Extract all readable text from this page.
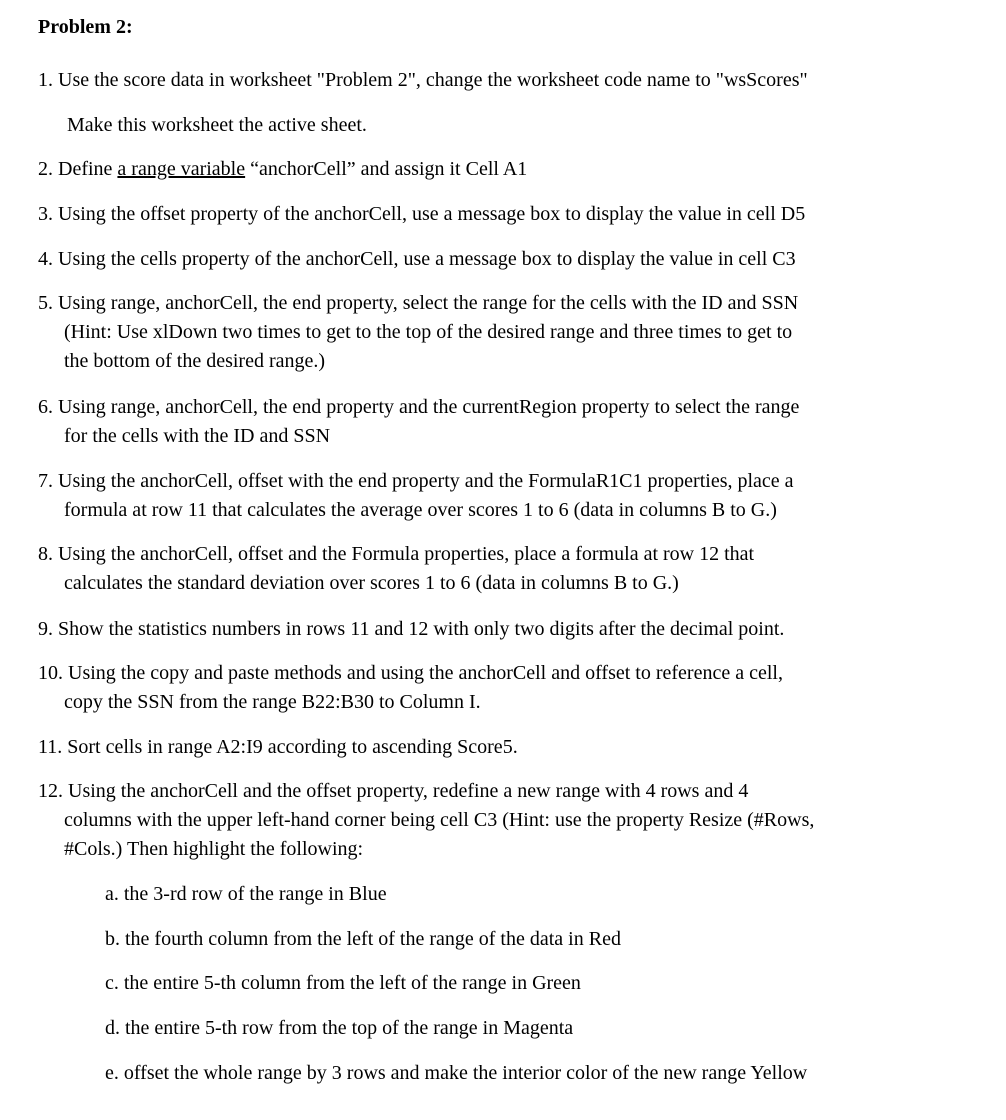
Problem 2:
1. Use the score data in worksheet "Problem 2", change the worksheet code name to "wsScores"
Make this worksheet the active sheet.
2. Define a range variable “anchorCell” and assign it Cell A1
3. Using the offset property of the anchorCell, use a message box to display the value in cell D5
4. Using the cells property of the anchorCell, use a message box to display the value in cell C3
5. Using range, anchorCell, the end property, select the range for the cells with the ID and SSN
(Hint: Use xlDown two times to get to the top of the desired range and three times to get to
the bottom of the desired range.)
6. Using range, anchorCell, the end property and the currentRegion property to select the range
for the cells with the ID and SSN
7. Using the anchorCell, offset with the end property and the FormulaR1C1 properties, place a
formula at row 11 that calculates the average over scores 1 to 6 (data in columns B to G.)
8. Using the anchorCell, offset and the Formula properties, place a formula at row 12 that
calculates the standard deviation over scores 1 to 6 (data in columns B to G.)
9. Show the statistics numbers in rows 11 and 12 with only two digits after the decimal point.
10. Using the copy and paste methods and using the anchorCell and offset to reference a cell,
copy the SSN from the range B22:B30 to Column I.
11. Sort cells in range A2:I9 according to ascending Score5.
12. Using the anchorCell and the offset property, redefine a new range with 4 rows and 4
columns with the upper left-hand corner being cell C3 (Hint: use the property Resize (#Rows,
#Cols.) Then highlight the following:
a. the 3-rd row of the range in Blue
b. the fourth column from the left of the range of the data in Red
c. the entire 5-th column from the left of the range in Green
d. the entire 5-th row from the top of the range in Magenta
e. offset the whole range by 3 rows and make the interior color of the new range Yellow
